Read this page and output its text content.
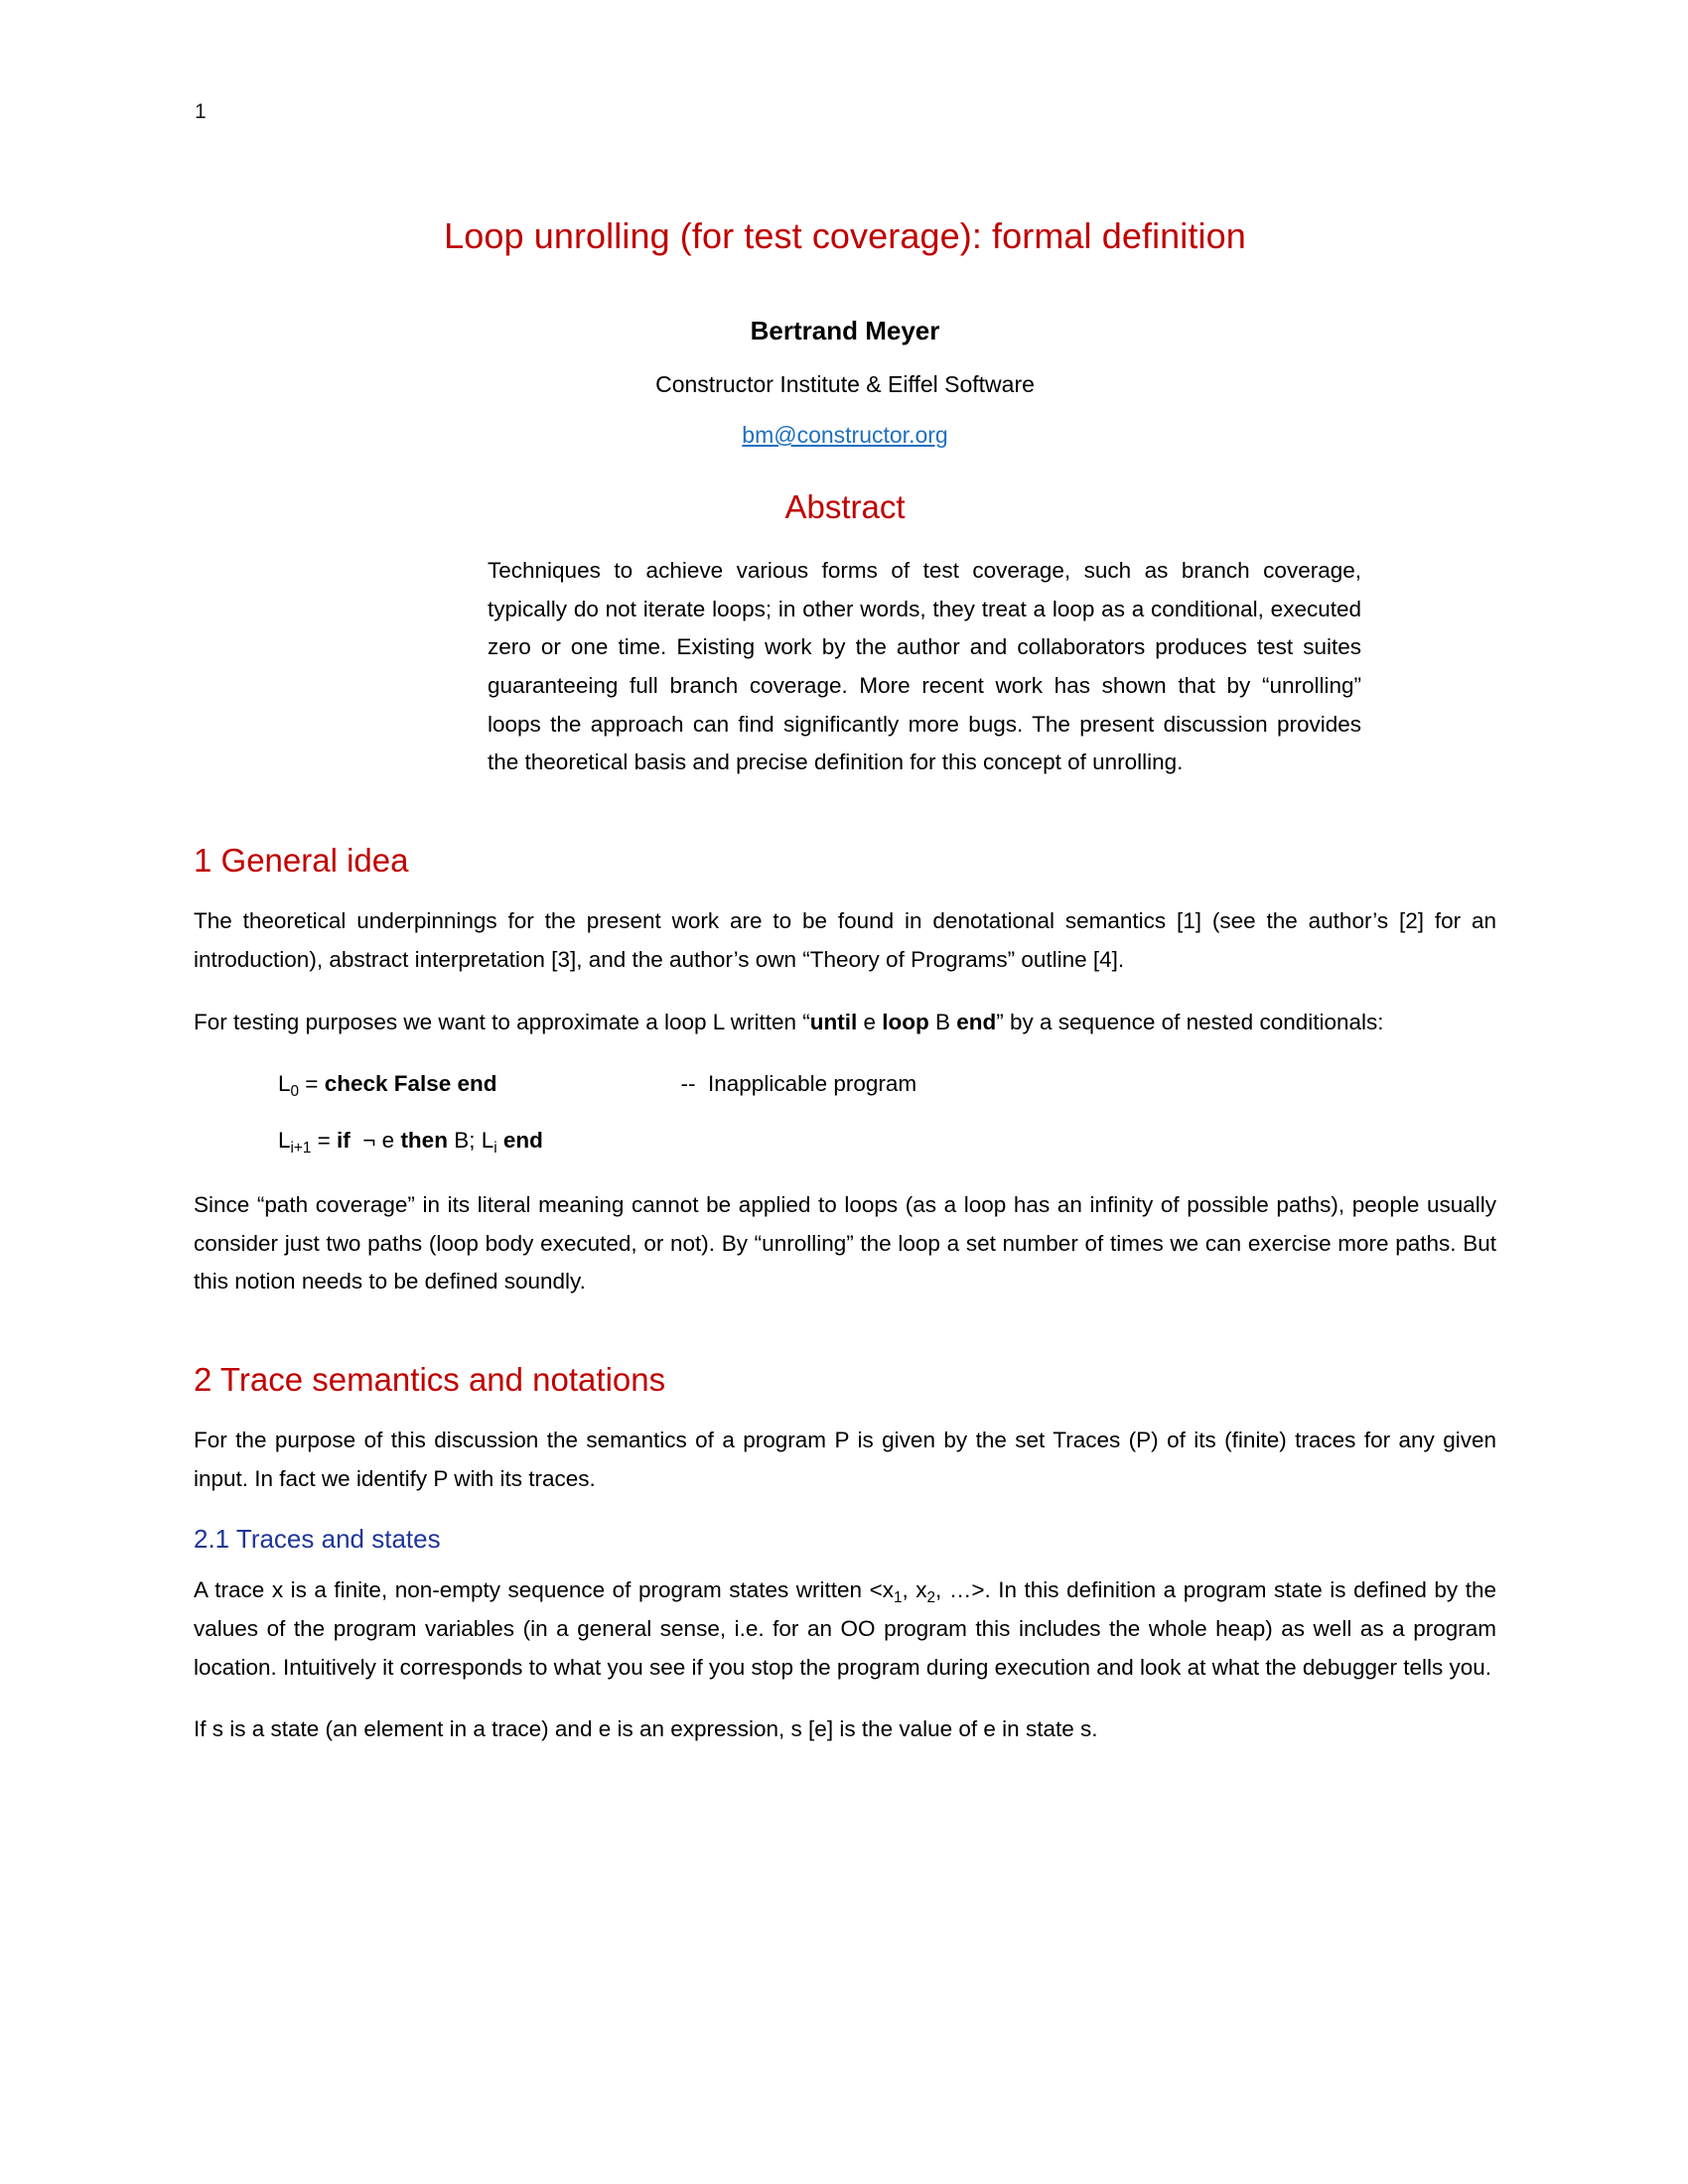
1
Loop unrolling (for test coverage): formal definition
Bertrand Meyer
Constructor Institute & Eiffel Software
bm@constructor.org
Abstract
Techniques to achieve various forms of test coverage, such as branch coverage, typically do not iterate loops; in other words, they treat a loop as a conditional, executed zero or one time. Existing work by the author and collaborators produces test suites guaranteeing full branch coverage. More recent work has shown that by “unrolling” loops the approach can find significantly more bugs. The present discussion provides the theoretical basis and precise definition for this concept of unrolling.
1 General idea

The theoretical underpinnings for the present work are to be found in denotational semantics [1] (see the author’s [2] for an introduction), abstract interpretation [3], and the author’s own “Theory of Programs” outline [4].

For testing purposes we want to approximate a loop L written “until e loop B end” by a sequence of nested conditionals:

$L_0$ = check False end	--  Inapplicable program
$L_{i+1}$ = if  ¬ e then B; $L_i$ end

Since “path coverage” in its literal meaning cannot be applied to loops (as a loop has an infinity of possible paths), people usually consider just two paths (loop body executed, or not). By “unrolling” the loop a set number of times we can exercise more paths. But this notion needs to be defined soundly.

2 Trace semantics and notations

For the purpose of this discussion the semantics of a program P is given by the set Traces (P) of its (finite) traces for any given input. In fact we identify P with its traces.

2.1 Traces and states

A trace x is a finite, non-empty sequence of program states written $<x_1$, $x_2$, …>. In this definition a program state is defined by the values of the program variables (in a general sense, i.e. for an OO program this includes the whole heap) as well as a program location. Intuitively it corresponds to what you see if you stop the program during execution and look at what the debugger tells you.

If s is a state (an element in a trace) and e is an expression, s [e] is the value of e in state s.
